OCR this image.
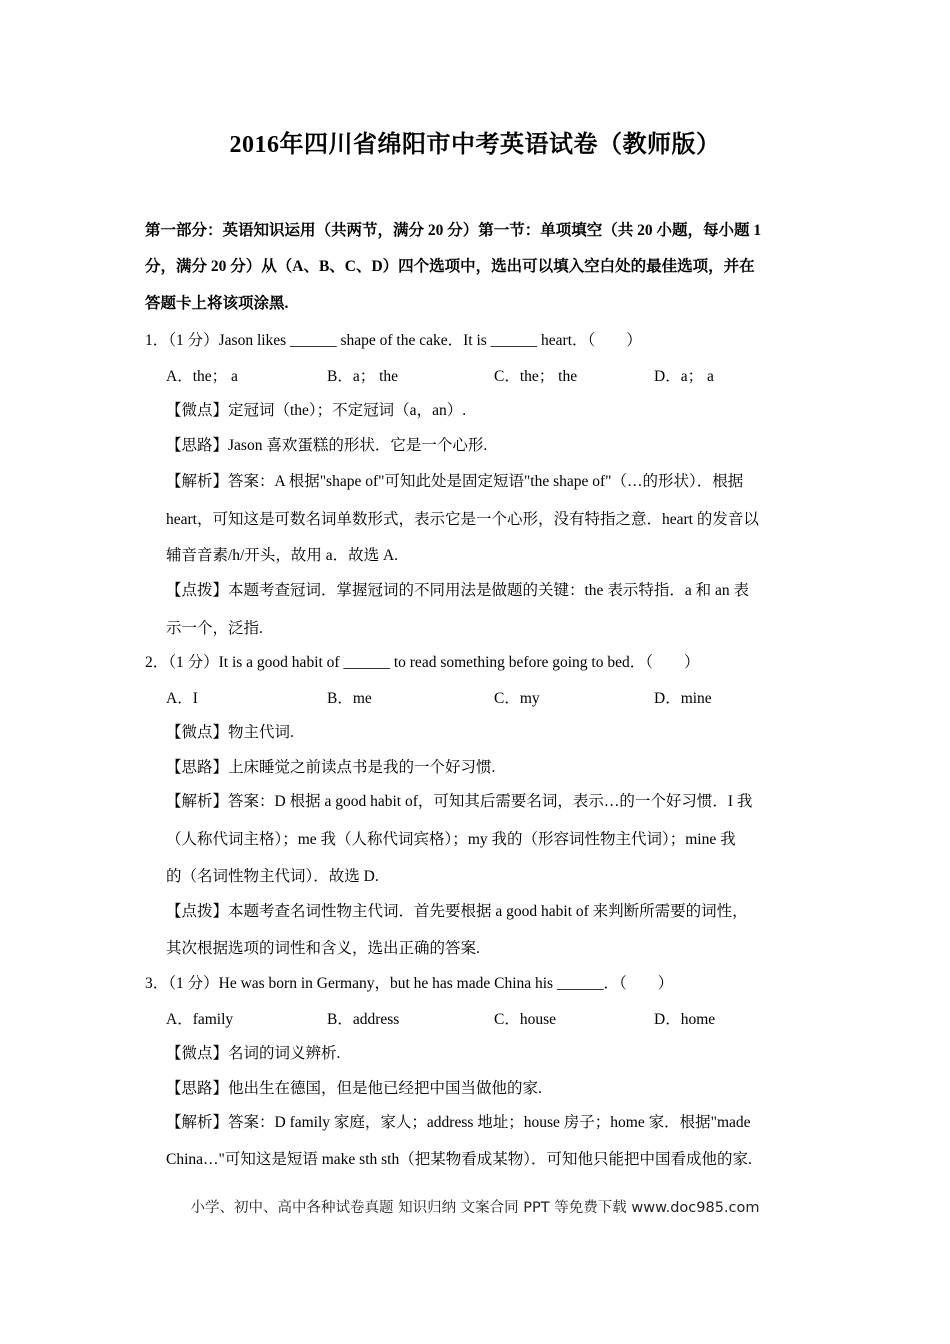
2016年四川省绵阳市中考英语试卷（教师版）
第一部分：英语知识运用（共两节，满分 20 分）第一节：单项填空（共 20 小题，每小题 1
分，满分 20 分）从（A、B、C、D）四个选项中，选出可以填入空白处的最佳选项，并在
答题卡上将该项涂黑.
1．（1 分）Jason likes ______ shape of the cake．It is ______ heart．（　　）
A．the； a	B．a； the	C．the； the	D．a； a
【微点】定冠词（the）；不定冠词（a，an）.
【思路】Jason 喜欢蛋糕的形状．它是一个心形.
【解析】答案：A 根据"shape of"可知此处是固定短语"the shape of"（…的形状）．根据
heart，可知这是可数名词单数形式，表示它是一个心形，没有特指之意．heart 的发音以
辅音音素/h/开头，故用 a．故选 A.
【点拨】本题考查冠词．掌握冠词的不同用法是做题的关键：the 表示特指．a 和 an 表
示一个，泛指.
2．（1 分）It is a good habit of ______ to read something before going to bed．（　　）
A．I	B．me	C．my	D．mine
【微点】物主代词.
【思路】上床睡觉之前读点书是我的一个好习惯.
【解析】答案：D 根据 a good habit of，可知其后需要名词，表示…的一个好习惯．I 我
（人称代词主格）；me 我（人称代词宾格）；my 我的（形容词性物主代词）；mine 我
的（名词性物主代词）．故选 D.
【点拨】本题考查名词性物主代词．首先要根据 a good habit of 来判断所需要的词性，
其次根据选项的词性和含义，选出正确的答案.
3．（1 分）He was born in Germany，but he has made China his ______．（　　）
A．family	B．address	C．house	D．home
【微点】名词的词义辨析.
【思路】他出生在德国，但是他已经把中国当做他的家.
【解析】答案：D family 家庭，家人；address 地址；house 房子；home 家．根据"made
China…"可知这是短语 make sth sth（把某物看成某物）．可知他只能把中国看成他的家.
小学、初中、高中各种试卷真题 知识归纳 文案合同 PPT 等免费下载 www.doc985.com
